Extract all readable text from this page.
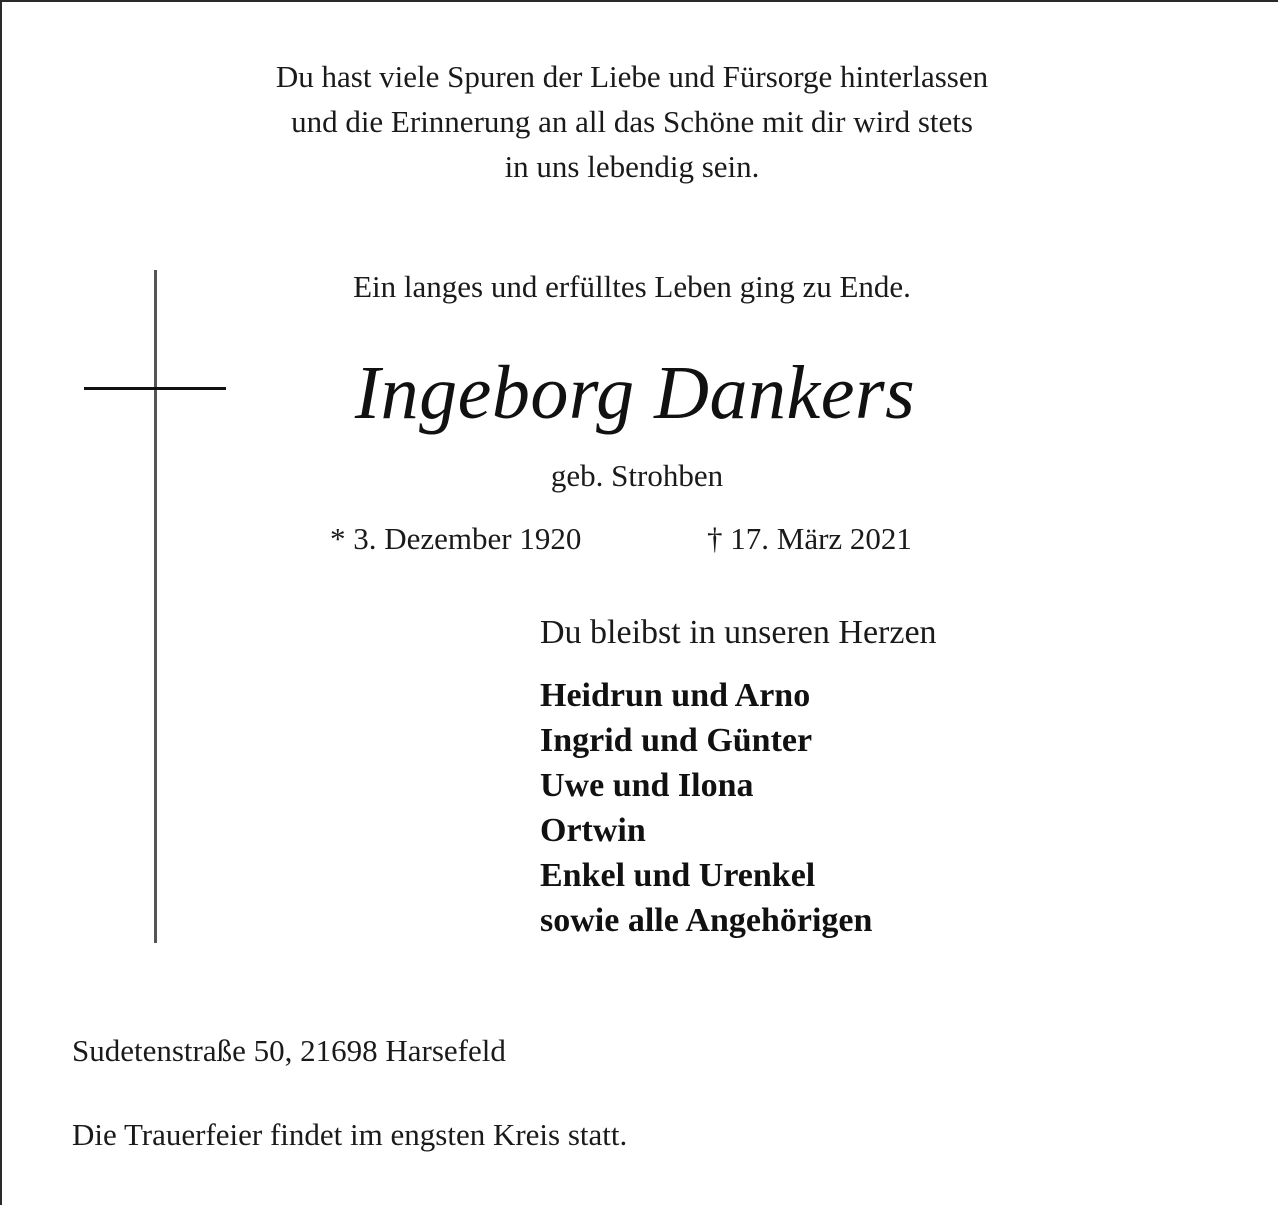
Du hast viele Spuren der Liebe und Fürsorge hinterlassen
und die Erinnerung an all das Schöne mit dir wird stets
in uns lebendig sein.
Ein langes und erfülltes Leben ging zu Ende.
Ingeborg Dankers
geb. Strohben
* 3. Dezember 1920	† 17. März 2021
Du bleibst in unseren Herzen
Heidrun und Arno
Ingrid und Günter
Uwe und Ilona
Ortwin
Enkel und Urenkel
sowie alle Angehörigen
Sudetenstraße 50, 21698 Harsefeld
Die Trauerfeier findet im engsten Kreis statt.
